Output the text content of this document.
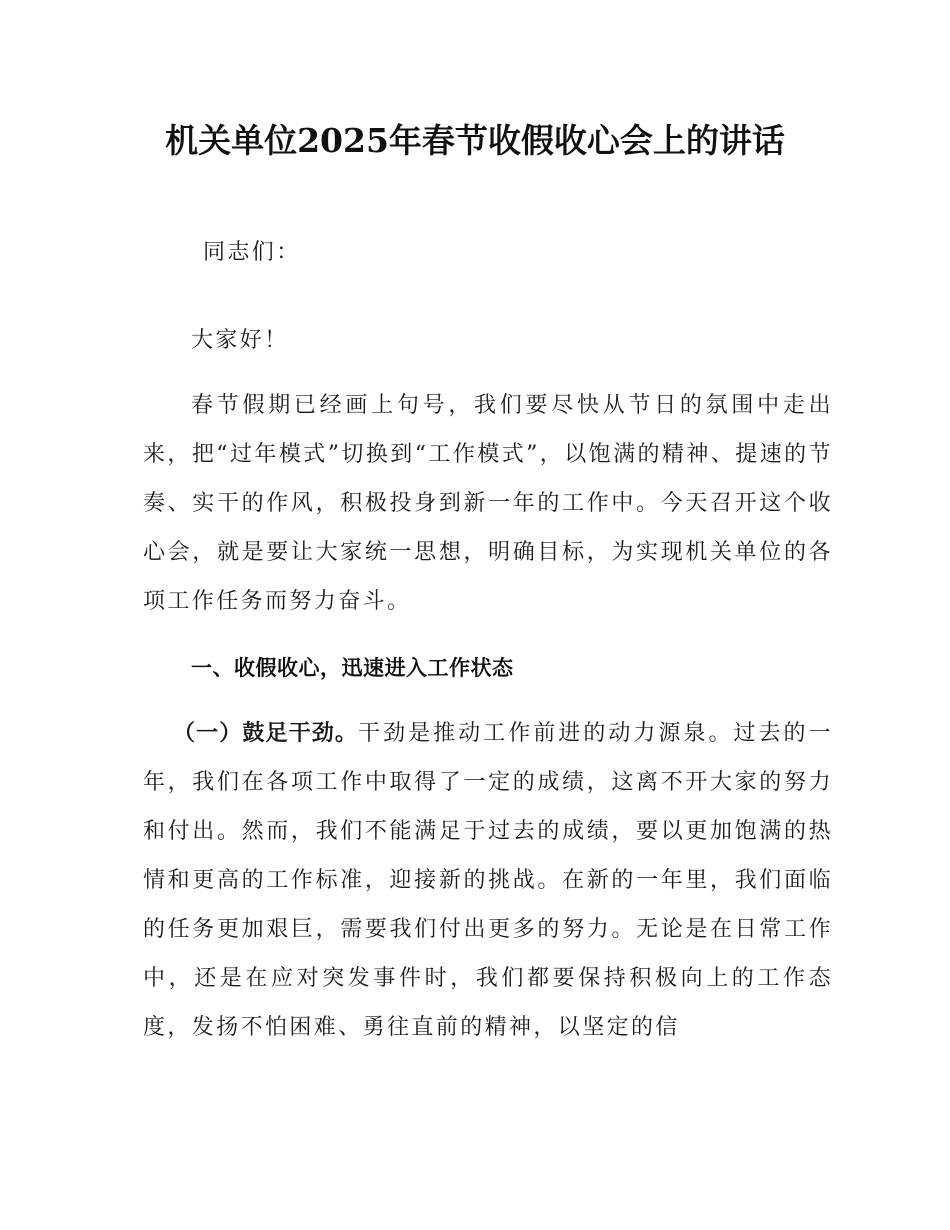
机关单位2025年春节收假收心会上的讲话
同志们：
大家好！
春节假期已经画上句号，我们要尽快从节日的氛围中走出来，把“过年模式”切换到“工作模式”，以饱满的精神、提速的节奏、实干的作风，积极投身到新一年的工作中。今天召开这个收心会，就是要让大家统一思想，明确目标，为实现机关单位的各项工作任务而努力奋斗。
一、收假收心，迅速进入工作状态
（一）鼓足干劲。干劲是推动工作前进的动力源泉。过去的一年，我们在各项工作中取得了一定的成绩，这离不开大家的努力和付出。然而，我们不能满足于过去的成绩，要以更加饱满的热情和更高的工作标准，迎接新的挑战。在新的一年里，我们面临的任务更加艰巨，需要我们付出更多的努力。无论是在日常工作中，还是在应对突发事件时，我们都要保持积极向上的工作态度，发扬不怕困难、勇往直前的精神，以坚定的信
